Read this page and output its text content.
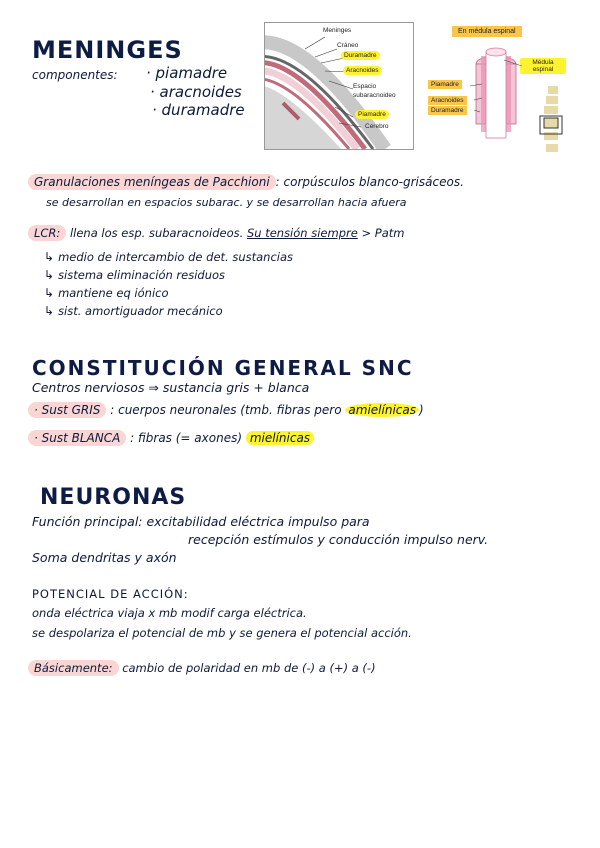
MENINGES
componentes: · piamadre
· aracnoides
· duramadre
Meninges
Cráneo
Duramadre
Aracnoides
Espacio
subaracnoideo
Piamadre
Cerebro
En médula espinal
Médula espinal
Piamadre
Aracnoides
Duramadre
Granulaciones meníngeas de Pacchioni : corpúsculos blanco-grisáceos.
se desarrollan en espacios subarac. y se desarrollan hacia afuera
LCR: llena los esp. subaracnoideos. Su tensión siempre > Patm
↳ medio de intercambio de det. sustancias
↳ sistema eliminación residuos
↳ mantiene eq iónico
↳ sist. amortiguador mecánico
CONSTITUCIÓN GENERAL SNC
Centros nerviosos ⇒ sustancia gris + blanca
· Sust GRIS : cuerpos neuronales (tmb. fibras pero amielínicas )
· Sust BLANCA : fibras (= axones) mielínicas
NEURONAS
Función principal: excitabilidad eléctrica impulso para
recepción estímulos y conducción impulso nerv.
Soma dendritas y axón
POTENCIAL DE ACCIÓN:
onda eléctrica viaja x mb modif carga eléctrica.
se despolariza el potencial de mb y se genera el potencial acción.
Básicamente: cambio de polaridad en mb de (-) a (+) a (-)
